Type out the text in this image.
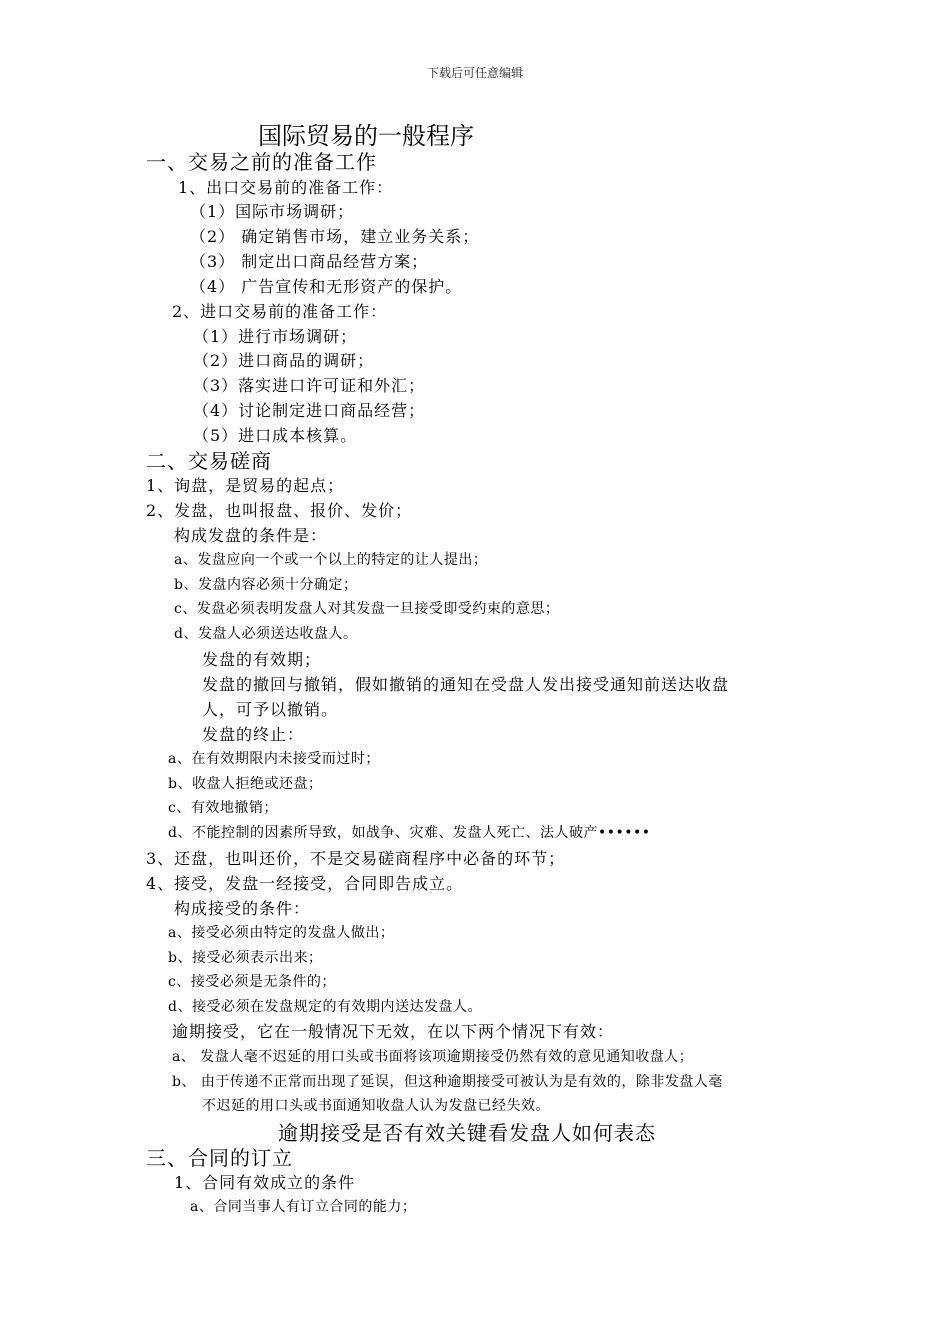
下载后可任意编辑
国际贸易的一般程序
一、交易之前的准备工作
1、出口交易前的准备工作：
（1）国际市场调研；
（2） 确定销售市场，建立业务关系；
（3） 制定出口商品经营方案；
（4） 广告宣传和无形资产的保护。
2、进口交易前的准备工作：
（1）进行市场调研；
（2）进口商品的调研；
（3）落实进口许可证和外汇；
（4）讨论制定进口商品经营；
（5）进口成本核算。
二、交易磋商
1、询盘，是贸易的起点；
2、发盘，也叫报盘、报价、发价；
构成发盘的条件是：
a、发盘应向一个或一个以上的特定的让人提出；
b、发盘内容必须十分确定；
c、发盘必须表明发盘人对其发盘一旦接受即受约束的意思；
d、发盘人必须送达收盘人。
发盘的有效期；
发盘的撤回与撤销，假如撤销的通知在受盘人发出接受通知前送达收盘
人，可予以撤销。
发盘的终止：
a、在有效期限内未接受而过时；
b、收盘人拒绝或还盘；
c、有效地撤销；
d、不能控制的因素所导致，如战争、灾难、发盘人死亡、法人破产••••••
3、还盘，也叫还价，不是交易磋商程序中必备的环节；
4、接受，发盘一经接受，合同即告成立。
构成接受的条件：
a、接受必须由特定的发盘人做出；
b、接受必须表示出来；
c、接受必须是无条件的；
d、接受必须在发盘规定的有效期内送达发盘人。
逾期接受，它在一般情况下无效，在以下两个情况下有效：
a、 发盘人毫不迟延的用口头或书面将该项逾期接受仍然有效的意见通知收盘人；
b、 由于传递不正常而出现了延误，但这种逾期接受可被认为是有效的，除非发盘人毫
不迟延的用口头或书面通知收盘人认为发盘已经失效。
逾期接受是否有效关键看发盘人如何表态
三、合同的订立
1、合同有效成立的条件
a、合同当事人有订立合同的能力；
